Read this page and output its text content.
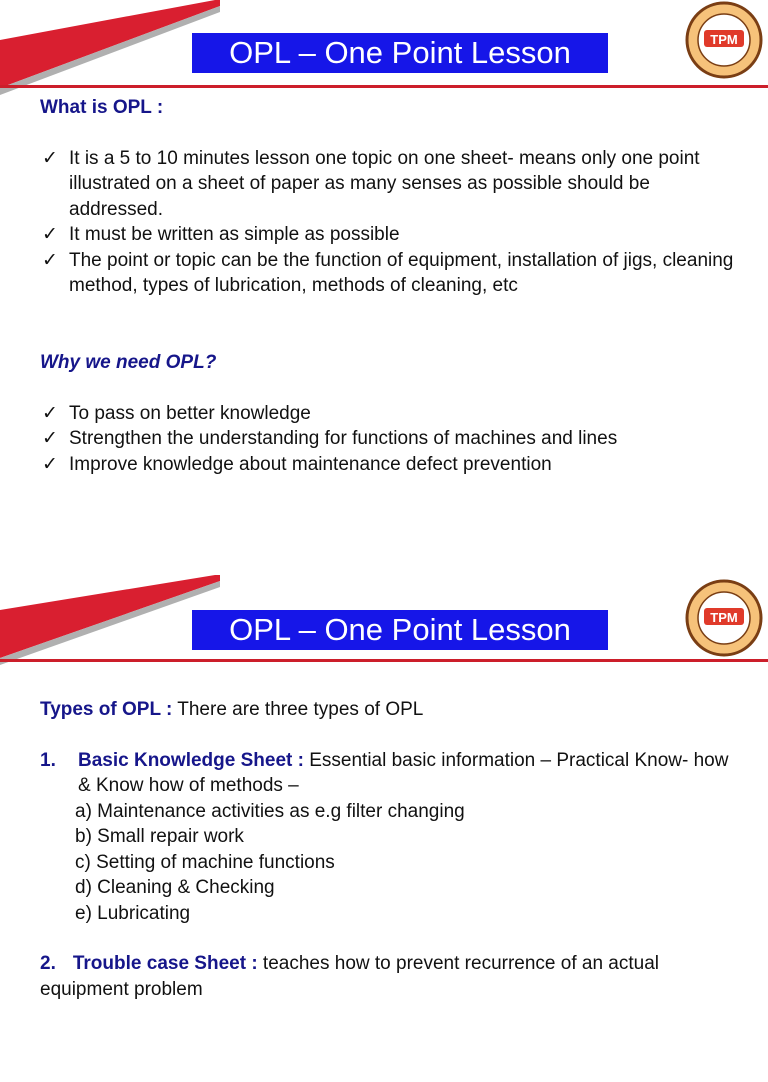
OPL – One Point Lesson	TPM
What is OPL :
✓ It is a 5 to 10 minutes lesson one topic on one sheet- means only one point illustrated on a sheet of paper as many senses as possible should be addressed.
✓ It must be written as simple as possible
✓ The point or topic can be the function of equipment, installation of jigs, cleaning method, types of lubrication, methods of cleaning, etc
Why we need OPL?
✓ To pass on better knowledge
✓ Strengthen the understanding for functions of machines and lines
✓ Improve knowledge about maintenance defect prevention
OPL – One Point Lesson	TPM
Types of OPL : There are three types of OPL
1. Basic Knowledge Sheet : Essential basic information – Practical Know- how & Know how of methods –
a) Maintenance activities as e.g filter changing
b) Small repair work
c) Setting of machine functions
d) Cleaning & Checking
e) Lubricating
2. Trouble case Sheet : teaches how to prevent recurrence of an actual equipment problem
